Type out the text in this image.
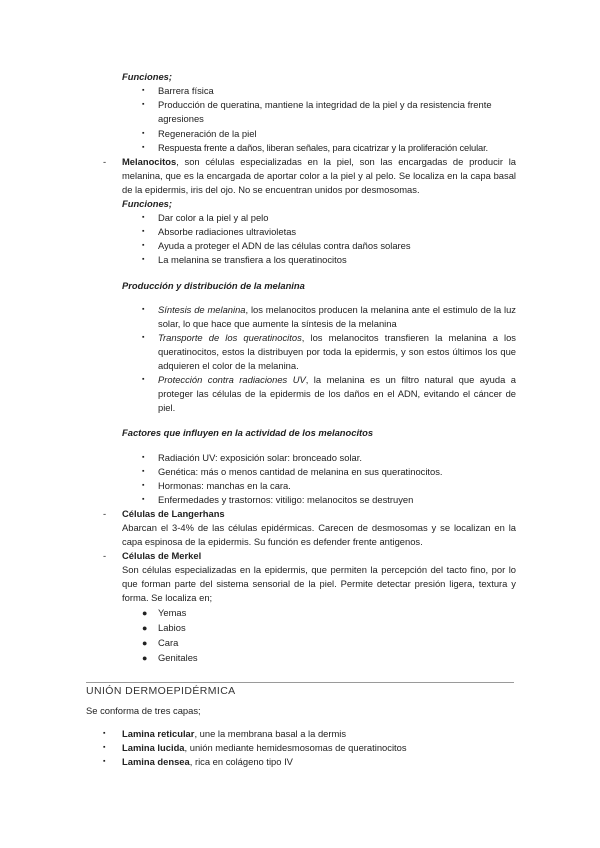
Funciones;
▪ Barrera física
▪ Producción de queratina, mantiene la integridad de la piel y da resistencia frente agresiones
▪ Regeneración de la piel
▪ Respuesta frente a daños, liberan señales, para cicatrizar y la proliferación celular.
- Melanocitos, son células especializadas en la piel, son las encargadas de producir la melanina, que es la encargada de aportar color a la piel y al pelo. Se localiza en la capa basal de la epidermis, iris del ojo. No se encuentran unidos por desmosomas.
Funciones;
▪ Dar color a la piel y al pelo
▪ Absorbe radiaciones ultravioletas
▪ Ayuda a proteger el ADN de las células contra daños solares
▪ La melanina se transfiera a los queratinocitos
Producción y distribución de la melanina
▪ Síntesis de melanina, los melanocitos producen la melanina ante el estimulo de la luz solar, lo que hace que aumente la síntesis de la melanina
▪ Transporte de los queratinocitos, los melanocitos transfieren la melanina a los queratinocitos, estos la distribuyen por toda la epidermis, y son estos últimos los que adquieren el color de la melanina.
▪ Protección contra radiaciones UV, la melanina es un filtro natural que ayuda a proteger las células de la epidermis de los daños en el ADN, evitando el cáncer de piel.
Factores que influyen en la actividad de los melanocitos
▪ Radiación UV: exposición solar: bronceado solar.
▪ Genética: más o menos cantidad de melanina en sus queratinocitos.
▪ Hormonas: manchas en la cara.
▪ Enfermedades y trastornos: vitiligo: melanocitos se destruyen
- Células de Langerhans
Abarcan el 3-4% de las células epidérmicas. Carecen de desmosomas y se localizan en la capa espinosa de la epidermis. Su función es defender frente antigenos.
- Células de Merkel
Son células especializadas en la epidermis, que permiten la percepción del tacto fino, por lo que forman parte del sistema sensorial de la piel. Permite detectar presión ligera, textura y forma. Se localiza en;
● Yemas
● Labios
● Cara
● Genitales
UNIÓN DERMOEPIDÉRMICA
Se conforma de tres capas;
▪ Lamina reticular, une la membrana basal a la dermis
▪ Lamina lucida, unión mediante hemidesmosomas de queratinocitos
▪ Lamina densea, rica en colágeno tipo IV
